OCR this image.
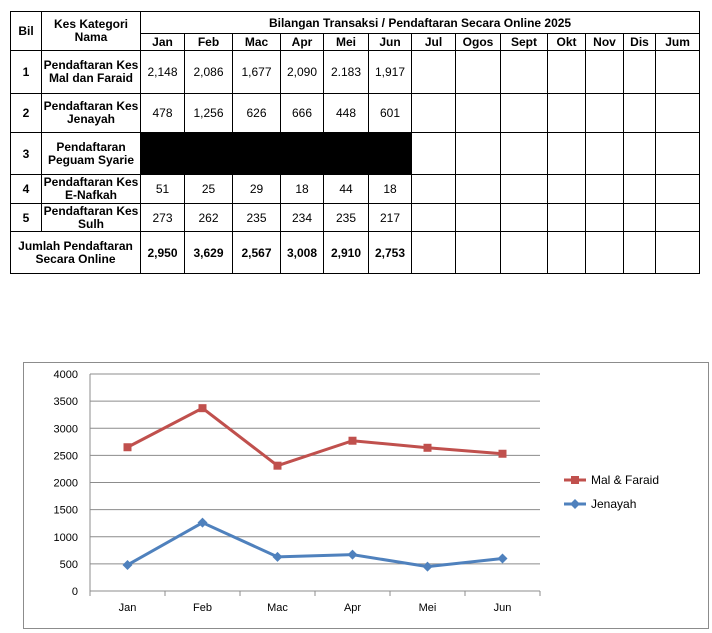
Bil	Kes Kategori Nama	Bilangan Transaksi / Pendaftaran Secara Online 2025												
		Jan	Feb	Mac	Apr	Mei	Jun	Jul	Ogos	Sept	Okt	Nov	Dis	Jum
1	Pendaftaran Kes Mal dan Faraid	2,148	2,086	1,677	2,090	2.183	1,917							
2	Pendaftaran Kes Jenayah	478	1,256	626	666	448	601							
3	Pendaftaran Peguam Syarie													
4	Pendaftaran Kes E-Nafkah	51	25	29	18	44	18							
5	Pendaftaran Kes Sulh	273	262	235	234	235	217							
Jumlah Pendaftaran Secara Online		2,950	3,629	2,567	3,008	2,910	2,753							
4000
3500
3000
2500
2000
1500
1000
500
0
Jan	Feb	Mac	Apr	Mei	Jun
Mal & Faraid
Jenayah
